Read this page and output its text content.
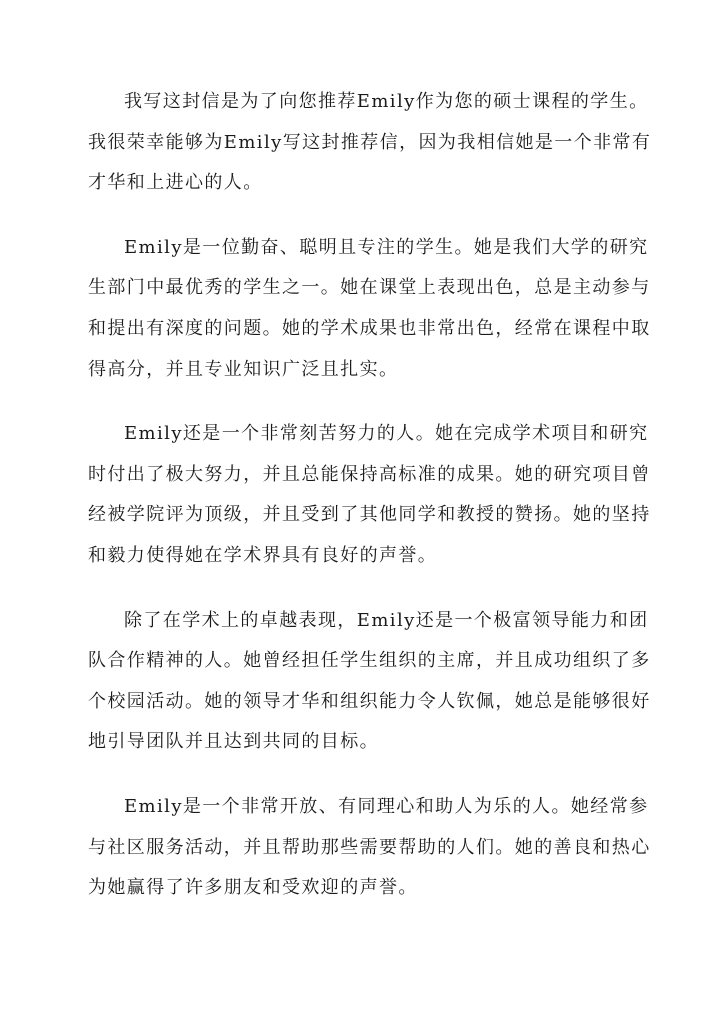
我写这封信是为了向您推荐Emily作为您的硕士课程的学生。
我很荣幸能够为Emily写这封推荐信，因为我相信她是一个非常有
才华和上进心的人。
Emily是一位勤奋、聪明且专注的学生。她是我们大学的研究
生部门中最优秀的学生之一。她在课堂上表现出色，总是主动参与
和提出有深度的问题。她的学术成果也非常出色，经常在课程中取
得高分，并且专业知识广泛且扎实。
Emily还是一个非常刻苦努力的人。她在完成学术项目和研究
时付出了极大努力，并且总能保持高标准的成果。她的研究项目曾
经被学院评为顶级，并且受到了其他同学和教授的赞扬。她的坚持
和毅力使得她在学术界具有良好的声誉。
除了在学术上的卓越表现，Emily还是一个极富领导能力和团
队合作精神的人。她曾经担任学生组织的主席，并且成功组织了多
个校园活动。她的领导才华和组织能力令人钦佩，她总是能够很好
地引导团队并且达到共同的目标。
Emily是一个非常开放、有同理心和助人为乐的人。她经常参
与社区服务活动，并且帮助那些需要帮助的人们。她的善良和热心
为她赢得了许多朋友和受欢迎的声誉。
